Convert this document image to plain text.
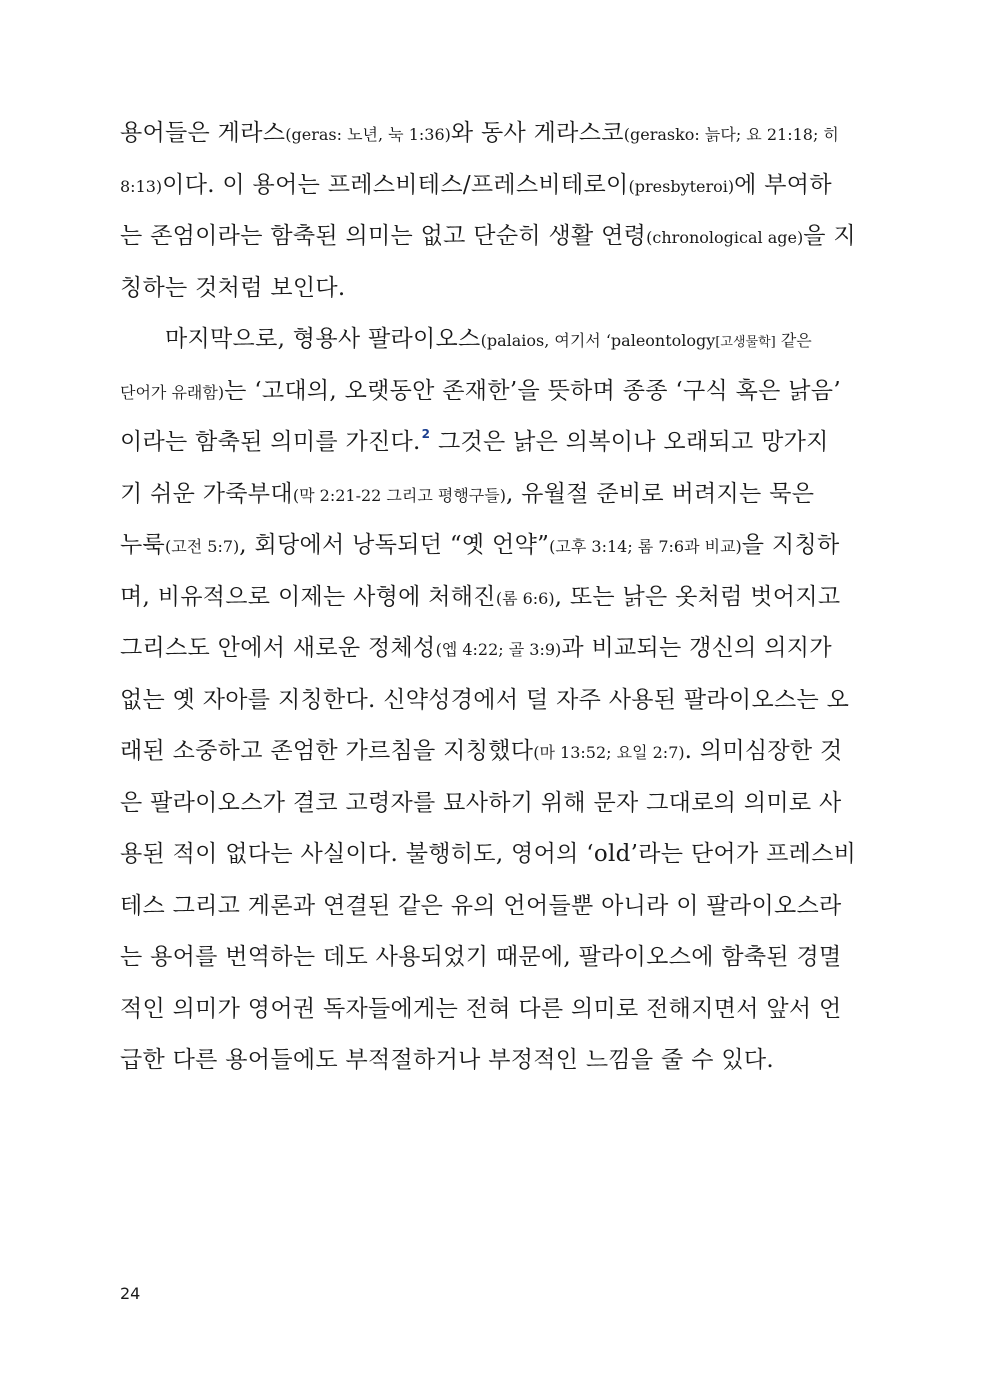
용어들은 게라스(geras: 노년, 눅 1:36)와 동사 게라스코(gerasko: 늙다; 요 21:18; 히
8:13)이다. 이 용어는 프레스비테스/프레스비테로이(presbyteroi)에 부여하
는 존엄이라는 함축된 의미는 없고 단순히 생활 연령(chronological age)을 지
칭하는 것처럼 보인다.
마지막으로, 형용사 팔라이오스(palaios, 여기서 ‘paleontology[고생물학] 같은
단어가 유래함)는 ‘고대의, 오랫동안 존재한’을 뜻하며 종종 ‘구식 혹은 낡음’
이라는 함축된 의미를 가진다.$^2$ 그것은 낡은 의복이나 오래되고 망가지
기 쉬운 가죽부대(막 2:21-22 그리고 평행구들), 유월절 준비로 버려지는 묵은
누룩(고전 5:7), 회당에서 낭독되던 “옛 언약”(고후 3:14; 롬 7:6과 비교)을 지칭하
며, 비유적으로 이제는 사형에 처해진(롬 6:6), 또는 낡은 옷처럼 벗어지고
그리스도 안에서 새로운 정체성(엡 4:22; 골 3:9)과 비교되는 갱신의 의지가
없는 옛 자아를 지칭한다. 신약성경에서 덜 자주 사용된 팔라이오스는 오
래된 소중하고 존엄한 가르침을 지칭했다(마 13:52; 요일 2:7). 의미심장한 것
은 팔라이오스가 결코 고령자를 묘사하기 위해 문자 그대로의 의미로 사
용된 적이 없다는 사실이다. 불행히도, 영어의 ‘old’라는 단어가 프레스비
테스 그리고 게론과 연결된 같은 유의 언어들뿐 아니라 이 팔라이오스라
는 용어를 번역하는 데도 사용되었기 때문에, 팔라이오스에 함축된 경멸
적인 의미가 영어권 독자들에게는 전혀 다른 의미로 전해지면서 앞서 언
급한 다른 용어들에도 부적절하거나 부정적인 느낌을 줄 수 있다.
24
